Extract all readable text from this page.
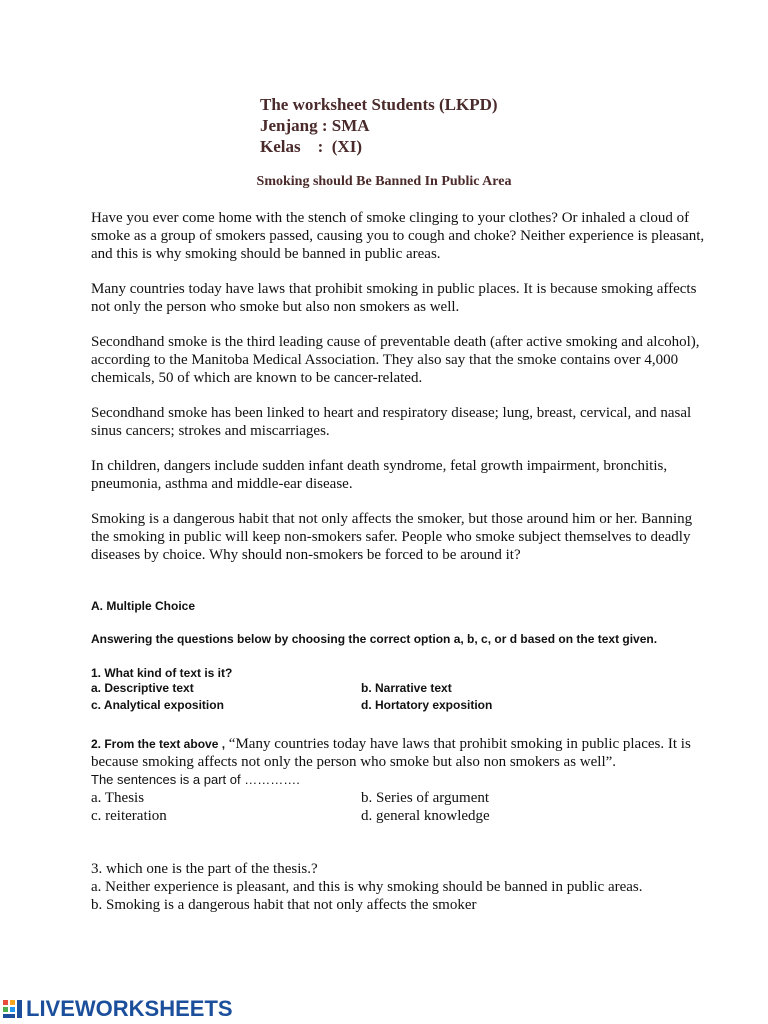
The worksheet Students (LKPD)
Jenjang : SMA
Kelas    :  (XI)
Smoking should Be Banned In Public Area

Have you ever come home with the stench of smoke clinging to your clothes? Or inhaled a cloud of smoke as a group of smokers passed, causing you to cough and choke? Neither experience is pleasant, and this is why smoking should be banned in public areas.

Many countries today have laws that prohibit smoking in public places. It is because smoking affects not only the person who smoke but also non smokers as well.

Secondhand smoke is the third leading cause of preventable death (after active smoking and alcohol), according to the Manitoba Medical Association. They also say that the smoke contains over 4,000 chemicals, 50 of which are known to be cancer-related.

Secondhand smoke has been linked to heart and respiratory disease; lung, breast, cervical, and nasal sinus cancers; strokes and miscarriages.

In children, dangers include sudden infant death syndrome, fetal growth impairment, bronchitis, pneumonia, asthma and middle-ear disease.

Smoking is a dangerous habit that not only affects the smoker, but those around him or her. Banning the smoking in public will keep non-smokers safer. People who smoke subject themselves to deadly diseases by choice. Why should non-smokers be forced to be around it?

A. Multiple Choice
Answering the questions below by choosing the correct option a, b, c, or d based on the text given.
1. What kind of text is it?
a. Descriptive text	b. Narrative text
c. Analytical exposition	d. Hortatory exposition
2. From the text above , “Many countries today have laws that prohibit smoking in public places. It is because smoking affects not only the person who smoke but also non smokers as well”.
The sentences is a part of ………….
a. Thesis	b. Series of argument
c. reiteration	d. general knowledge
3. which one is the part of the thesis.?
a. Neither experience is pleasant, and this is why smoking should be banned in public areas.
b. Smoking is a dangerous habit that not only affects the smoker
LIVEWORKSHEETS
